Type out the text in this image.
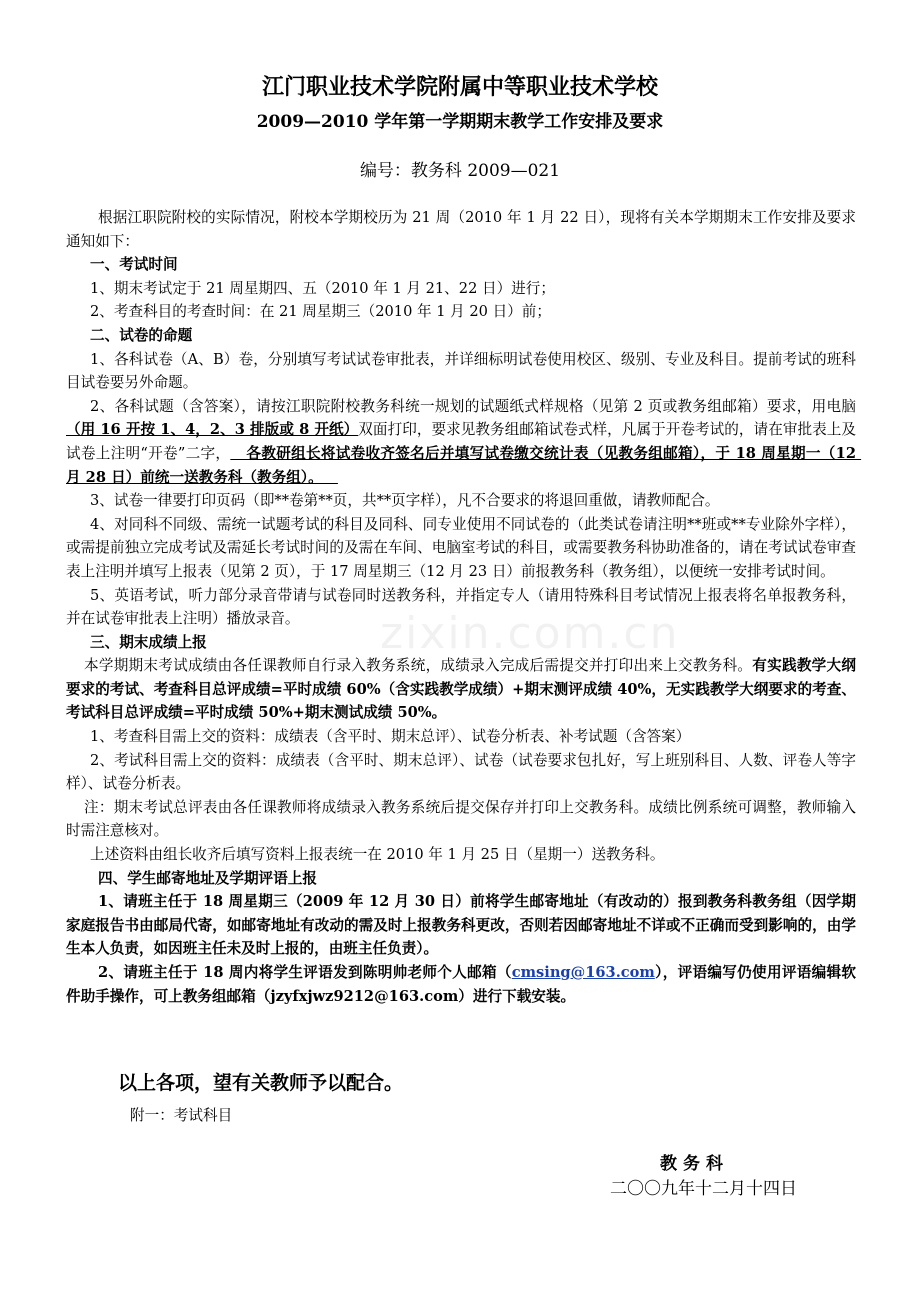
zixin.com.cn
江门职业技术学院附属中等职业技术学校
2009—2010 学年第一学期期末教学工作安排及要求
编号：教务科 2009—021

根据江职院附校的实际情况，附校本学期校历为 21 周（2010 年 1 月 22 日），现将有关本学期期末工作安排及要求通知如下：

一、考试时间

1、期末考试定于 21 周星期四、五（2010 年 1 月 21、22 日）进行；

2、考查科目的考查时间：在 21 周星期三（2010 年 1 月 20 日）前；

二、试卷的命题

1、各科试卷（A、B）卷，分别填写考试试卷审批表，并详细标明试卷使用校区、级别、专业及科目。提前考试的班科目试卷要另外命题。

2、各科试题（含答案），请按江职院附校教务科统一规划的试题纸式样规格（见第 2 页或教务组邮箱）要求，用电脑（用 16 开按 1、4，2、3 排版或 8 开纸）双面打印，要求见教务组邮箱试卷式样，凡属于开卷考试的，请在审批表上及试卷上注明“开卷”二字，   各教研组长将试卷收齐签名后并填写试卷缴交统计表（见教务组邮箱），于 18 周星期一（12 月 28 日）前统一送教务科（教务组）。

3、试卷一律要打印页码（即**卷第**页，共**页字样），凡不合要求的将退回重做，请教师配合。

4、对同科不同级、需统一试题考试的科目及同科、同专业使用不同试卷的（此类试卷请注明**班或**专业除外字样），或需提前独立完成考试及需延长考试时间的及需在车间、电脑室考试的科目，或需要教务科协助准备的，请在考试试卷审查表上注明并填写上报表（见第 2 页），于 17 周星期三（12 月 23 日）前报教务科（教务组），以便统一安排考试时间。

5、英语考试，听力部分录音带请与试卷同时送教务科，并指定专人（请用特殊科目考试情况上报表将名单报教务科，并在试卷审批表上注明）播放录音。

三、期末成绩上报

本学期期末考试成绩由各任课教师自行录入教务系统，成绩录入完成后需提交并打印出来上交教务科。有实践教学大纲要求的考试、考查科目总评成绩=平时成绩 60%（含实践教学成绩）+期末测评成绩 40%，无实践教学大纲要求的考查、考试科目总评成绩=平时成绩 50%+期末测试成绩 50%。

1、考查科目需上交的资料：成绩表（含平时、期末总评）、试卷分析表、补考试题（含答案）

2、考试科目需上交的资料：成绩表（含平时、期末总评）、试卷（试卷要求包扎好，写上班别科目、人数、评卷人等字样）、试卷分析表。

注：期末考试总评表由各任课教师将成绩录入教务系统后提交保存并打印上交教务科。成绩比例系统可调整，教师输入时需注意核对。

上述资料由组长收齐后填写资料上报表统一在 2010 年 1 月 25 日（星期一）送教务科。

四、学生邮寄地址及学期评语上报

1、请班主任于 18 周星期三（2009 年 12 月 30 日）前将学生邮寄地址（有改动的）报到教务科教务组（因学期家庭报告书由邮局代寄，如邮寄地址有改动的需及时上报教务科更改，否则若因邮寄地址不详或不正确而受到影响的，由学生本人负责，如因班主任未及时上报的，由班主任负责）。

2、请班主任于 18 周内将学生评语发到陈明帅老师个人邮箱（cmsing@163.com），评语编写仍使用评语编辑软件助手操作，可上教务组邮箱（jzyfxjwz9212@163.com）进行下载安装。

以上各项，望有关教师予以配合。
附一：考试科目
教务科
二〇〇九年十二月十四日
